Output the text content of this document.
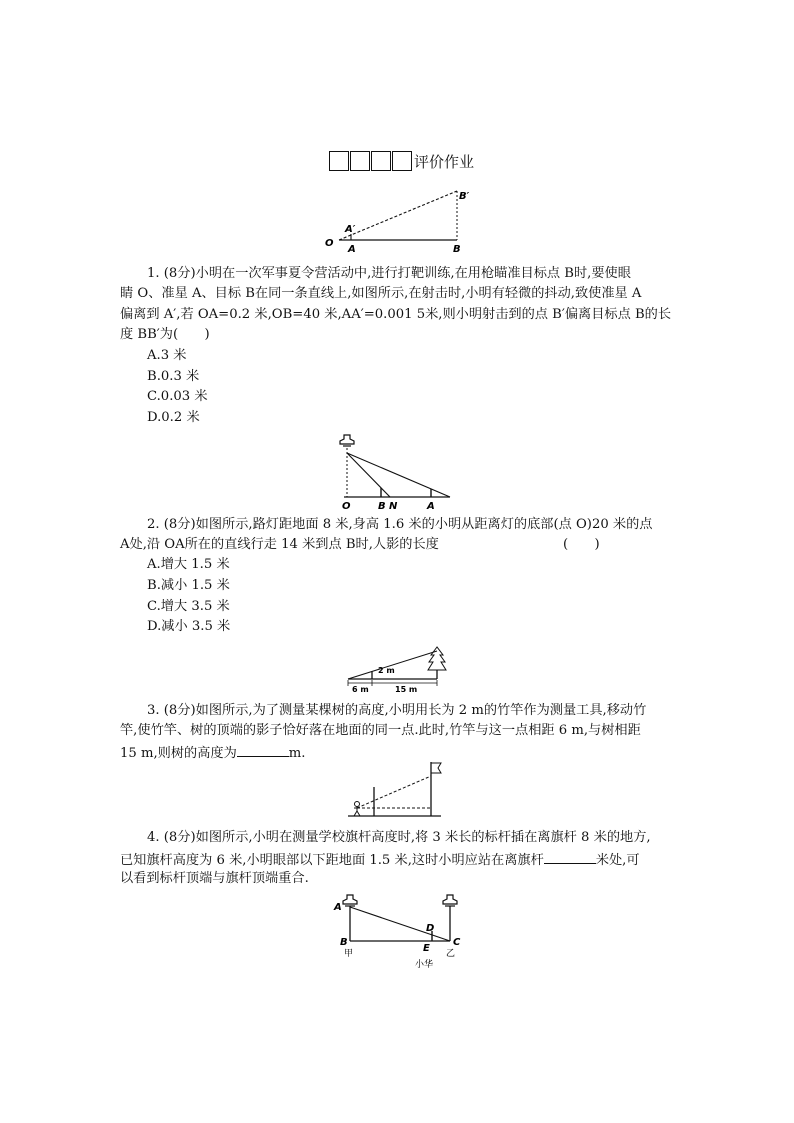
评价作业
O
A′
A	B
B′
1. (8分)小明在一次军事夏令营活动中,进行打靶训练,在用枪瞄准目标点 B时,要使眼
睛 O、准星 A、目标 B在同一条直线上,如图所示,在射击时,小明有轻微的抖动,致使准星 A
偏离到 A′,若 OA=0.2 米,OB=40 米,AA′=0.001 5米,则小明射击到的点 B′偏离目标点 B的长
度 BB′为(　　)
A.3 米
B.0.3 米
C.0.03 米
D.0.2 米
O	B N	A
2. (8分)如图所示,路灯距地面 8 米,身高 1.6 米的小明从距离灯的底部(点 O)20 米的点
A处,沿 OA所在的直线行走 14 米到点 B时,人影的长度	(　　)
A.增大 1.5 米
B.减小 1.5 米
C.增大 3.5 米
D.减小 3.5 米
2 m
6 m	15 m
3. (8分)如图所示,为了测量某棵树的高度,小明用长为 2 m的竹竿作为测量工具,移动竹
竿,使竹竿、树的顶端的影子恰好落在地面的同一点.此时,竹竿与这一点相距 6 m,与树相距
15 m,则树的高度为	m.
4. (8分)如图所示,小明在测量学校旗杆高度时,将 3 米长的标杆插在离旗杆 8 米的地方,
已知旗杆高度为 6 米,小明眼部以下距地面 1.5 米,这时小明应站在离旗杆	米处,可
以看到标杆顶端与旗杆顶端重合.
A
B
D
E
C
甲	乙
小华
